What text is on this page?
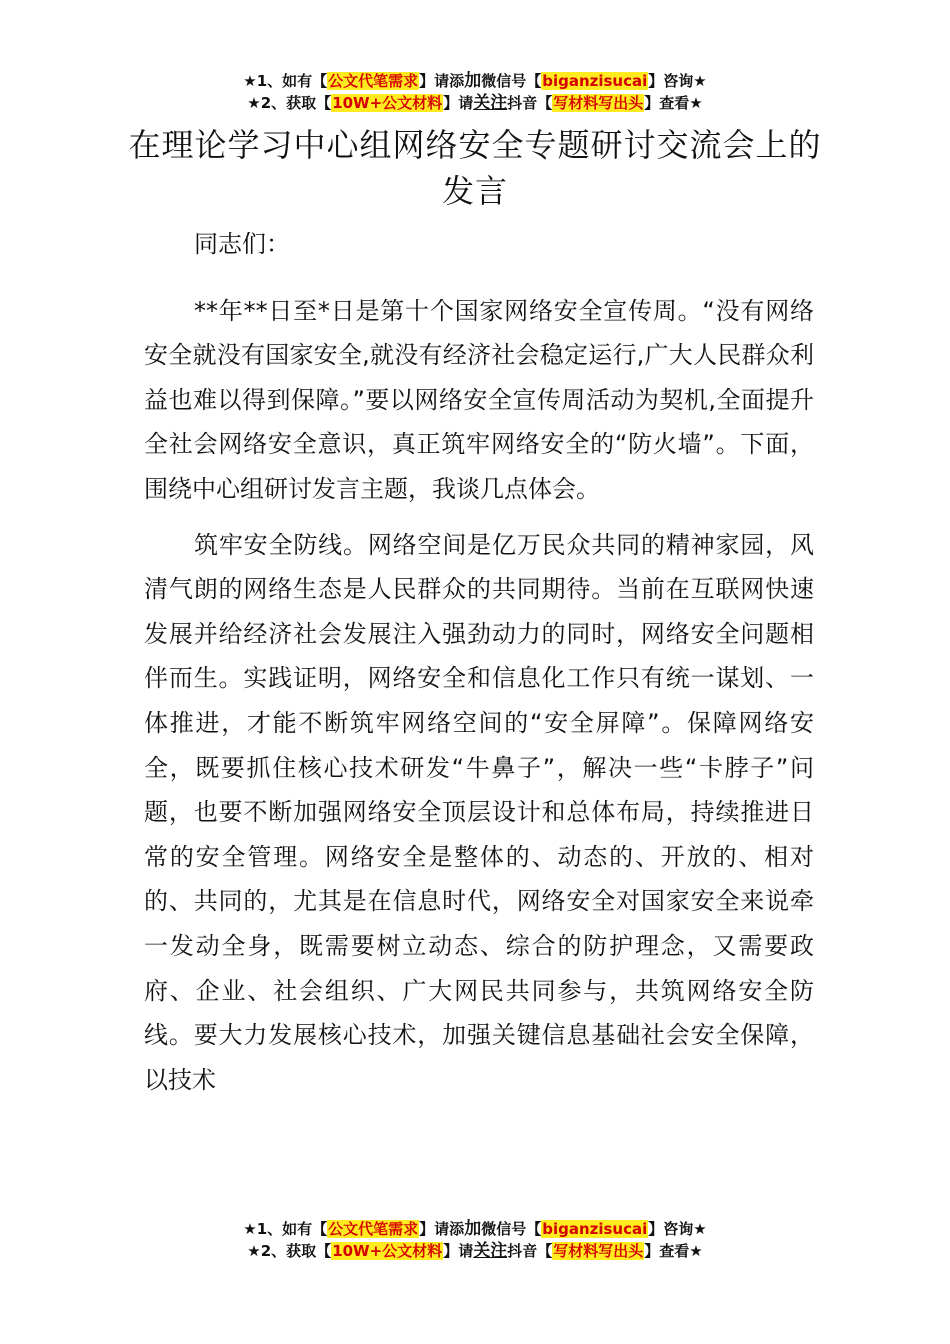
★1、如有【公文代笔需求】请添加微信号【biganzisucai】咨询★
★2、获取【10W+公文材料】请关注抖音【写材料写出头】查看★
在理论学习中心组网络安全专题研讨交流会上的发言

同志们：

**年**日至*日是第十个国家网络安全宣传周。“没有网络安全就没有国家安全,就没有经济社会稳定运行,广大人民群众利益也难以得到保障。”要以网络安全宣传周活动为契机,全面提升全社会网络安全意识，真正筑牢网络安全的“防火墙”。下面，围绕中心组研讨发言主题，我谈几点体会。

筑牢安全防线。网络空间是亿万民众共同的精神家园，风清气朗的网络生态是人民群众的共同期待。当前在互联网快速发展并给经济社会发展注入强劲动力的同时，网络安全问题相伴而生。实践证明，网络安全和信息化工作只有统一谋划、一体推进，才能不断筑牢网络空间的“安全屏障”。保障网络安全，既要抓住核心技术研发“牛鼻子”，解决一些“卡脖子”问题，也要不断加强网络安全顶层设计和总体布局，持续推进日常的安全管理。网络安全是整体的、动态的、开放的、相对的、共同的，尤其是在信息时代，网络安全对国家安全来说牵一发动全身，既需要树立动态、综合的防护理念，又需要政府、企业、社会组织、广大网民共同参与，共筑网络安全防线。要大力发展核心技术，加强关键信息基础社会安全保障，以技术

★1、如有【公文代笔需求】请添加微信号【biganzisucai】咨询★
★2、获取【10W+公文材料】请关注抖音【写材料写出头】查看★
